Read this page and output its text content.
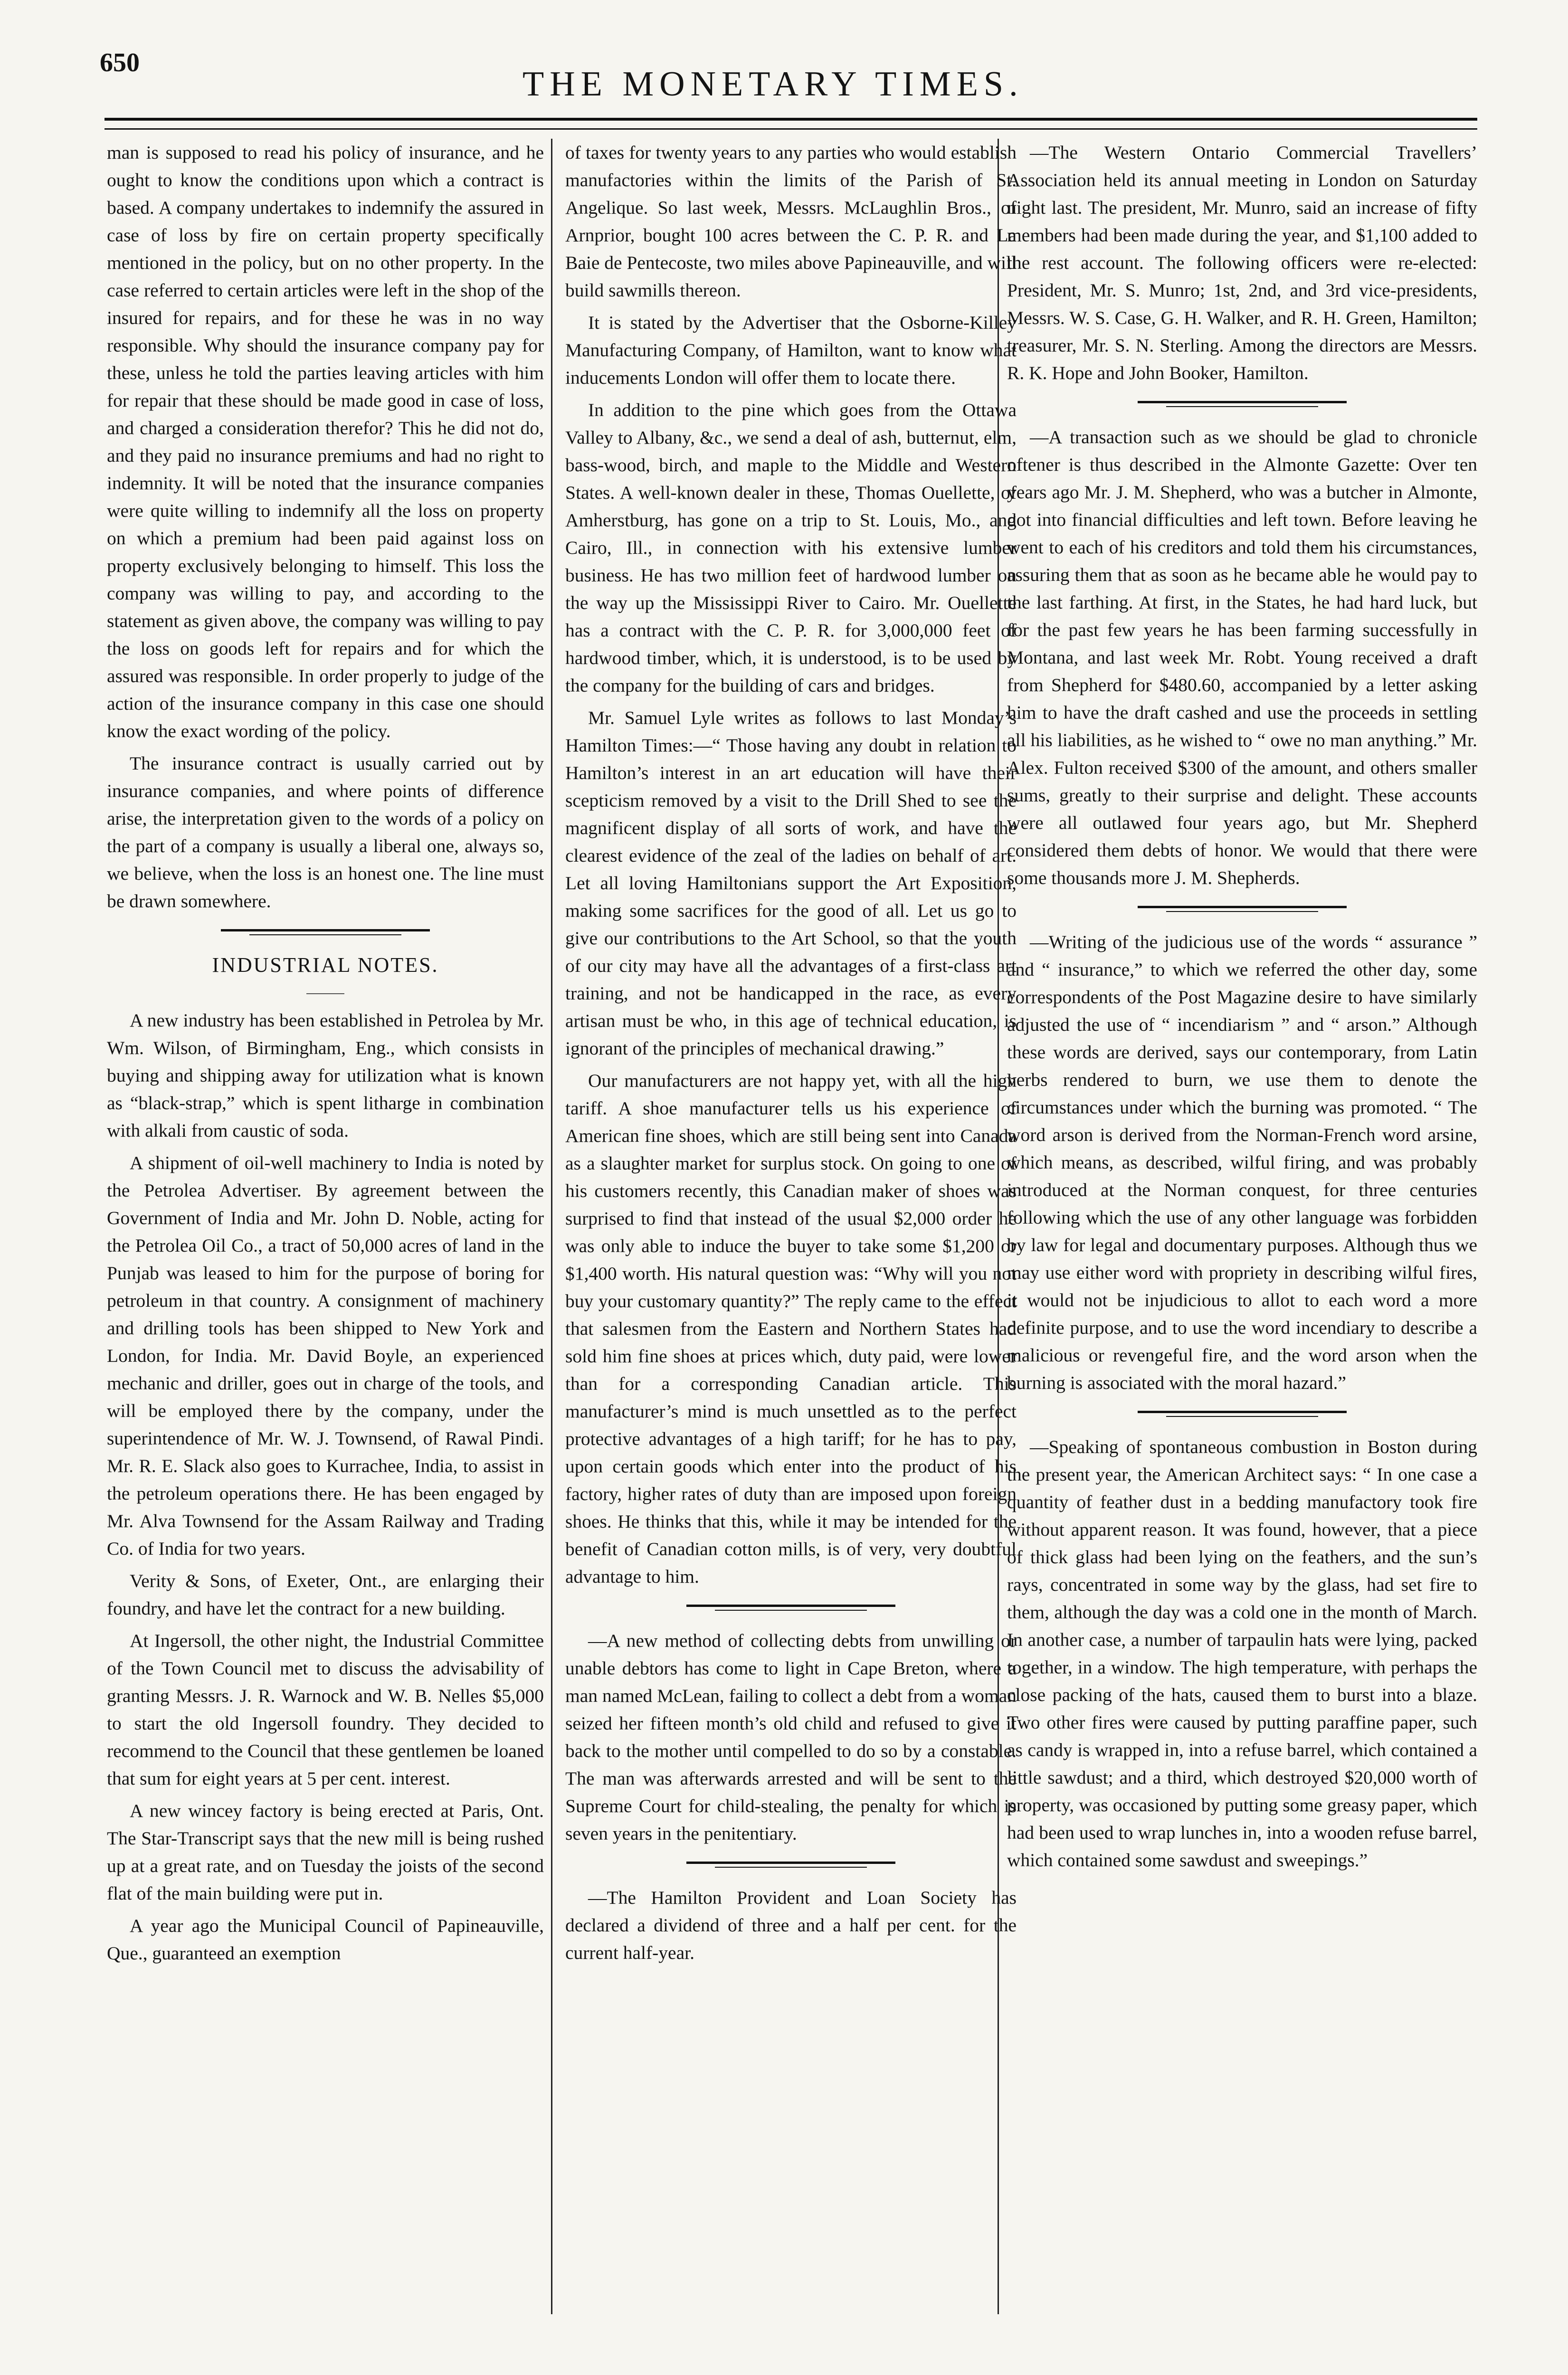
650
THE MONETARY TIMES.

man is supposed to read his policy of insurance, and he ought to know the conditions upon which a contract is based. A company undertakes to indemnify the assured in case of loss by fire on certain property specifically mentioned in the policy, but on no other property. In the case referred to certain articles were left in the shop of the insured for repairs, and for these he was in no way responsible. Why should the insurance company pay for these, unless he told the parties leaving articles with him for repair that these should be made good in case of loss, and charged a consideration therefor? This he did not do, and they paid no insurance premiums and had no right to indemnity. It will be noted that the insurance companies were quite willing to indemnify all the loss on property on which a premium had been paid against loss on property exclusively belonging to himself. This loss the company was willing to pay, and according to the statement as given above, the company was willing to pay the loss on goods left for repairs and for which the assured was responsible. In order properly to judge of the action of the insurance company in this case one should know the exact wording of the policy.

The insurance contract is usually carried out by insurance companies, and where points of difference arise, the interpretation given to the words of a policy on the part of a company is usually a liberal one, always so, we believe, when the loss is an honest one. The line must be drawn somewhere.

INDUSTRIAL NOTES.

A new industry has been established in Petrolea by Mr. Wm. Wilson, of Birmingham, Eng., which consists in buying and shipping away for utilization what is known as “black-strap,” which is spent litharge in combination with alkali from caustic of soda.

A shipment of oil-well machinery to India is noted by the Petrolea Advertiser. By agreement between the Government of India and Mr. John D. Noble, acting for the Petrolea Oil Co., a tract of 50,000 acres of land in the Punjab was leased to him for the purpose of boring for petroleum in that country. A consignment of machinery and drilling tools has been shipped to New York and London, for India. Mr. David Boyle, an experienced mechanic and driller, goes out in charge of the tools, and will be employed there by the company, under the superintendence of Mr. W. J. Townsend, of Rawal Pindi. Mr. R. E. Slack also goes to Kurrachee, India, to assist in the petroleum operations there. He has been engaged by Mr. Alva Townsend for the Assam Railway and Trading Co. of India for two years.

Verity & Sons, of Exeter, Ont., are enlarging their foundry, and have let the contract for a new building.

At Ingersoll, the other night, the Industrial Committee of the Town Council met to discuss the advisability of granting Messrs. J. R. Warnock and W. B. Nelles $5,000 to start the old Ingersoll foundry. They decided to recommend to the Council that these gentlemen be loaned that sum for eight years at 5 per cent. interest.

A new wincey factory is being erected at Paris, Ont. The Star-Transcript says that the new mill is being rushed up at a great rate, and on Tuesday the joists of the second flat of the main building were put in.

A year ago the Municipal Council of Papineauville, Que., guaranteed an exemption

of taxes for twenty years to any parties who would establish manufactories within the limits of the Parish of St. Angelique. So last week, Messrs. McLaughlin Bros., of Arnprior, bought 100 acres between the C. P. R. and La Baie de Pentecoste, two miles above Papineauville, and will build sawmills thereon.

It is stated by the Advertiser that the Osborne-Killey Manufacturing Company, of Hamilton, want to know what inducements London will offer them to locate there.

In addition to the pine which goes from the Ottawa Valley to Albany, &c., we send a deal of ash, butternut, elm, bass-wood, birch, and maple to the Middle and Western States. A well-known dealer in these, Thomas Ouellette, of Amherstburg, has gone on a trip to St. Louis, Mo., and Cairo, Ill., in connection with his extensive lumber business. He has two million feet of hardwood lumber on the way up the Mississippi River to Cairo. Mr. Ouellette has a contract with the C. P. R. for 3,000,000 feet of hardwood timber, which, it is understood, is to be used by the company for the building of cars and bridges.

Mr. Samuel Lyle writes as follows to last Monday’s Hamilton Times:—“ Those having any doubt in relation to Hamilton’s interest in an art education will have their scepticism removed by a visit to the Drill Shed to see the magnificent display of all sorts of work, and have the clearest evidence of the zeal of the ladies on behalf of art. Let all loving Hamiltonians support the Art Exposition, making some sacrifices for the good of all. Let us go to give our contributions to the Art School, so that the youth of our city may have all the advantages of a first-class art training, and not be handicapped in the race, as every artisan must be who, in this age of technical education, is ignorant of the principles of mechanical drawing.”

Our manufacturers are not happy yet, with all the high tariff. A shoe manufacturer tells us his experience of American fine shoes, which are still being sent into Canada as a slaughter market for surplus stock. On going to one of his customers recently, this Canadian maker of shoes was surprised to find that instead of the usual $2,000 order he was only able to induce the buyer to take some $1,200 or $1,400 worth. His natural question was: “Why will you not buy your customary quantity?” The reply came to the effect that salesmen from the Eastern and Northern States had sold him fine shoes at prices which, duty paid, were lower than for a corresponding Canadian article. This manufacturer’s mind is much unsettled as to the perfect protective advantages of a high tariff; for he has to pay, upon certain goods which enter into the product of his factory, higher rates of duty than are imposed upon foreign shoes. He thinks that this, while it may be intended for the benefit of Canadian cotton mills, is of very, very doubtful advantage to him.

—A new method of collecting debts from unwilling or unable debtors has come to light in Cape Breton, where a man named McLean, failing to collect a debt from a woman seized her fifteen month’s old child and refused to give it back to the mother until compelled to do so by a constable. The man was afterwards arrested and will be sent to the Supreme Court for child-stealing, the penalty for which is seven years in the penitentiary.

—The Hamilton Provident and Loan Society has declared a dividend of three and a half per cent. for the current half-year.

—The Western Ontario Commercial Travellers’ Association held its annual meeting in London on Saturday night last. The president, Mr. Munro, said an increase of fifty members had been made during the year, and $1,100 added to the rest account. The following officers were re-elected: President, Mr. S. Munro; 1st, 2nd, and 3rd vice-presidents, Messrs. W. S. Case, G. H. Walker, and R. H. Green, Hamilton; treasurer, Mr. S. N. Sterling. Among the directors are Messrs. R. K. Hope and John Booker, Hamilton.

—A transaction such as we should be glad to chronicle oftener is thus described in the Almonte Gazette: Over ten years ago Mr. J. M. Shepherd, who was a butcher in Almonte, got into financial difficulties and left town. Before leaving he went to each of his creditors and told them his circumstances, assuring them that as soon as he became able he would pay to the last farthing. At first, in the States, he had hard luck, but for the past few years he has been farming successfully in Montana, and last week Mr. Robt. Young received a draft from Shepherd for $480.60, accompanied by a letter asking him to have the draft cashed and use the proceeds in settling all his liabilities, as he wished to “ owe no man anything.” Mr. Alex. Fulton received $300 of the amount, and others smaller sums, greatly to their surprise and delight. These accounts were all outlawed four years ago, but Mr. Shepherd considered them debts of honor. We would that there were some thousands more J. M. Shepherds.

—Writing of the judicious use of the words “ assurance ” and “ insurance,” to which we referred the other day, some correspondents of the Post Magazine desire to have similarly adjusted the use of “ incendiarism ” and “ arson.” Although these words are derived, says our contemporary, from Latin verbs rendered to burn, we use them to denote the circumstances under which the burning was promoted. “ The word arson is derived from the Norman-French word arsine, which means, as described, wilful firing, and was probably introduced at the Norman conquest, for three centuries following which the use of any other language was forbidden by law for legal and documentary purposes. Although thus we may use either word with propriety in describing wilful fires, it would not be injudicious to allot to each word a more definite purpose, and to use the word incendiary to describe a malicious or revengeful fire, and the word arson when the burning is associated with the moral hazard.”

—Speaking of spontaneous combustion in Boston during the present year, the American Architect says: “ In one case a quantity of feather dust in a bedding manufactory took fire without apparent reason. It was found, however, that a piece of thick glass had been lying on the feathers, and the sun’s rays, concentrated in some way by the glass, had set fire to them, although the day was a cold one in the month of March. In another case, a number of tarpaulin hats were lying, packed together, in a window. The high temperature, with perhaps the close packing of the hats, caused them to burst into a blaze. Two other fires were caused by putting paraffine paper, such as candy is wrapped in, into a refuse barrel, which contained a little sawdust; and a third, which destroyed $20,000 worth of property, was occasioned by putting some greasy paper, which had been used to wrap lunches in, into a wooden refuse barrel, which contained some sawdust and sweepings.”
